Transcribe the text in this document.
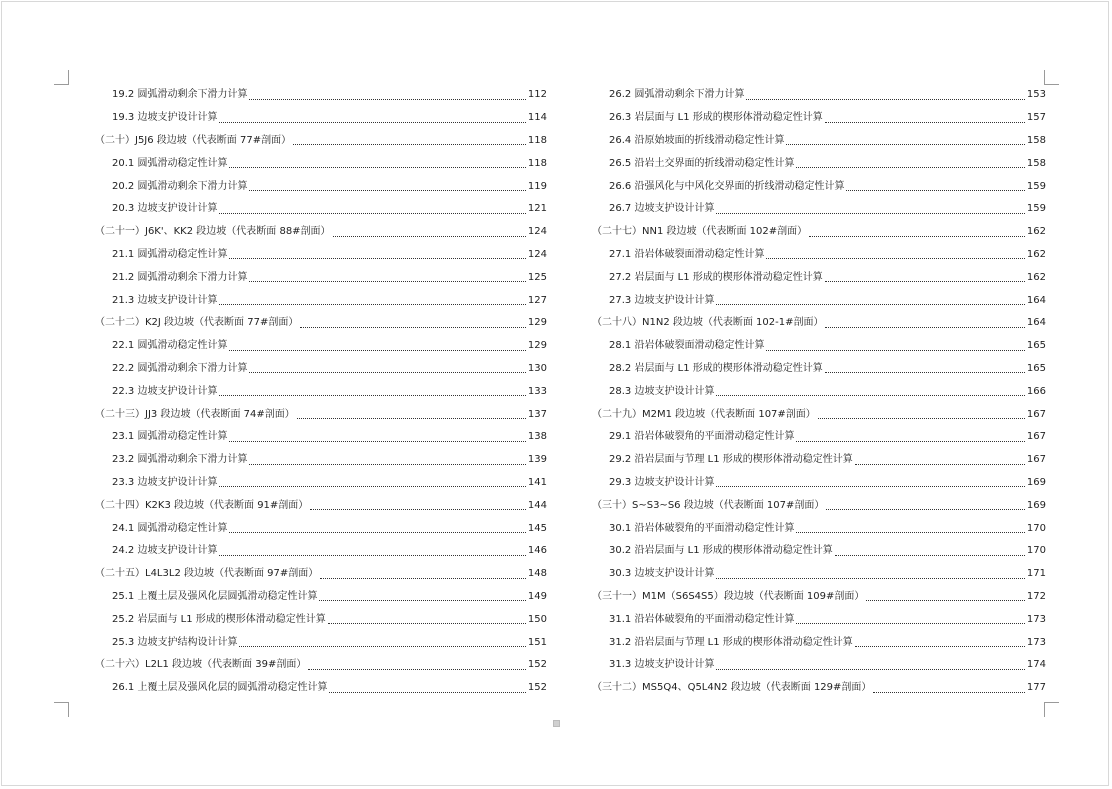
19.2 圆弧滑动剩余下滑力计算	112
19.3 边坡支护设计计算	114
（二十）J5J6 段边坡（代表断面 77#剖面）	118
20.1 圆弧滑动稳定性计算	118
20.2 圆弧滑动剩余下滑力计算	119
20.3 边坡支护设计计算	121
（二十一）J6K'、KK2 段边坡（代表断面 88#剖面）	124
21.1 圆弧滑动稳定性计算	124
21.2 圆弧滑动剩余下滑力计算	125
21.3 边坡支护设计计算	127
（二十二）K2J 段边坡（代表断面 77#剖面）	129
22.1 圆弧滑动稳定性计算	129
22.2 圆弧滑动剩余下滑力计算	130
22.3 边坡支护设计计算	133
（二十三）JJ3 段边坡（代表断面 74#剖面）	137
23.1 圆弧滑动稳定性计算	138
23.2 圆弧滑动剩余下滑力计算	139
23.3 边坡支护设计计算	141
（二十四）K2K3 段边坡（代表断面 91#剖面）	144
24.1 圆弧滑动稳定性计算	145
24.2 边坡支护设计计算	146
（二十五）L4L3L2 段边坡（代表断面 97#剖面）	148
25.1 上覆土层及强风化层圆弧滑动稳定性计算	149
25.2 岩层面与 L1 形成的楔形体滑动稳定性计算	150
25.3 边坡支护结构设计计算	151
（二十六）L2L1 段边坡（代表断面 39#剖面）	152
26.1 上覆土层及强风化层的圆弧滑动稳定性计算	152
26.2 圆弧滑动剩余下滑力计算	153
26.3 岩层面与 L1 形成的楔形体滑动稳定性计算	157
26.4 沿原始坡面的折线滑动稳定性计算	158
26.5 沿岩土交界面的折线滑动稳定性计算	158
26.6 沿强风化与中风化交界面的折线滑动稳定性计算	159
26.7 边坡支护设计计算	159
（二十七）NN1 段边坡（代表断面 102#剖面）	162
27.1 沿岩体破裂面滑动稳定性计算	162
27.2 岩层面与 L1 形成的楔形体滑动稳定性计算	162
27.3 边坡支护设计计算	164
（二十八）N1N2 段边坡（代表断面 102-1#剖面）	164
28.1 沿岩体破裂面滑动稳定性计算	165
28.2 岩层面与 L1 形成的楔形体滑动稳定性计算	165
28.3 边坡支护设计计算	166
（二十九）M2M1 段边坡（代表断面 107#剖面）	167
29.1 沿岩体破裂角的平面滑动稳定性计算	167
29.2 沿岩层面与节理 L1 形成的楔形体滑动稳定性计算	167
29.3 边坡支护设计计算	169
（三十）S~S3~S6 段边坡（代表断面 107#剖面）	169
30.1 沿岩体破裂角的平面滑动稳定性计算	170
30.2 沿岩层面与 L1 形成的楔形体滑动稳定性计算	170
30.3 边坡支护设计计算	171
（三十一）M1M（S6S4S5）段边坡（代表断面 109#剖面）	172
31.1 沿岩体破裂角的平面滑动稳定性计算	173
31.2 沿岩层面与节理 L1 形成的楔形体滑动稳定性计算	173
31.3 边坡支护设计计算	174
（三十二）MS5Q4、Q5L4N2 段边坡（代表断面 129#剖面）	177
